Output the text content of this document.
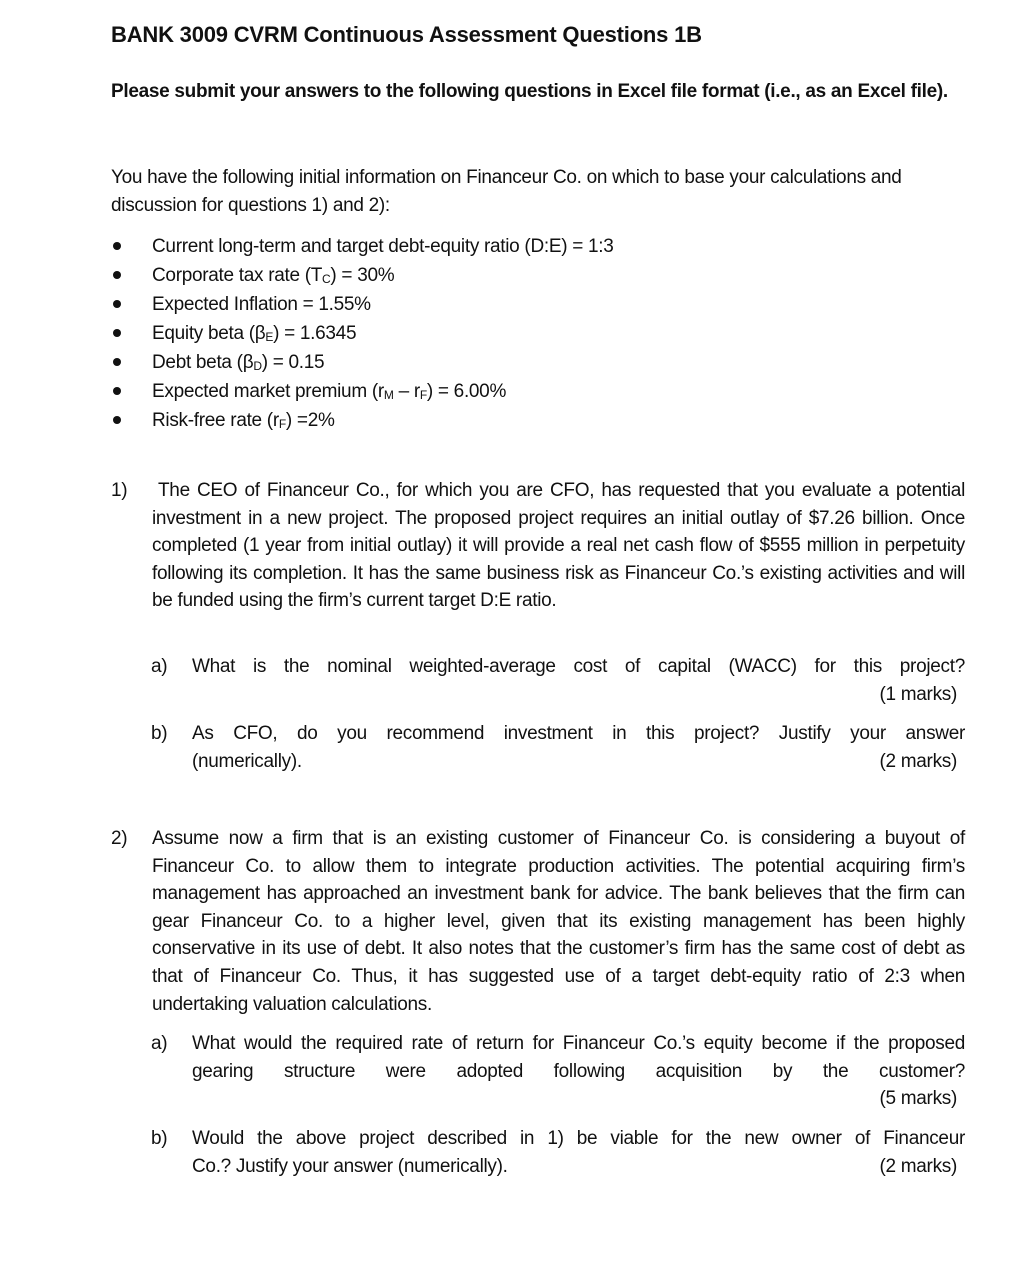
BANK 3009 CVRM Continuous Assessment Questions 1B
Please submit your answers to the following questions in Excel file format (i.e., as an Excel file).
You have the following initial information on Financeur Co. on which to base your calculations and discussion for questions 1) and 2):
Current long-term and target debt-equity ratio (D:E) = 1:3
Corporate tax rate $(T_C) = 30\%$
Expected Inflation = 1.55%
Equity beta $(\beta_E) = 1.6345$
Debt beta $(\beta_D) = 0.15$
Expected market premium $(r_M - r_F) = 6.00\%$
Risk-free rate $(r_F) =2\%$
1)	The CEO of Financeur Co., for which you are CFO, has requested that you evaluate a potential investment in a new project. The proposed project requires an initial outlay of $7.26 billion. Once completed (1 year from initial outlay) it will provide a real net cash flow of $555 million in perpetuity following its completion. It has the same business risk as Financeur Co.’s existing activities and will be funded using the firm’s current target D:E ratio.
a) What is the nominal weighted-average cost of capital (WACC) for this project?
(1 marks)
b) As CFO, do you recommend investment in this project? Justify your answer
(numerically).	(2 marks)
2) Assume now a firm that is an existing customer of Financeur Co. is considering a buyout of Financeur Co. to allow them to integrate production activities. The potential acquiring firm’s management has approached an investment bank for advice. The bank believes that the firm can gear Financeur Co. to a higher level, given that its existing management has been highly conservative in its use of debt. It also notes that the customer’s firm has the same cost of debt as that of Financeur Co. Thus, it has suggested use of a target debt-equity ratio of 2:3 when undertaking valuation calculations.
a) What would the required rate of return for Financeur Co.’s equity become if the proposed gearing structure were adopted following acquisition by the customer?
(5 marks)
b) Would the above project described in 1) be viable for the new owner of Financeur
Co.? Justify your answer (numerically).	(2 marks)
